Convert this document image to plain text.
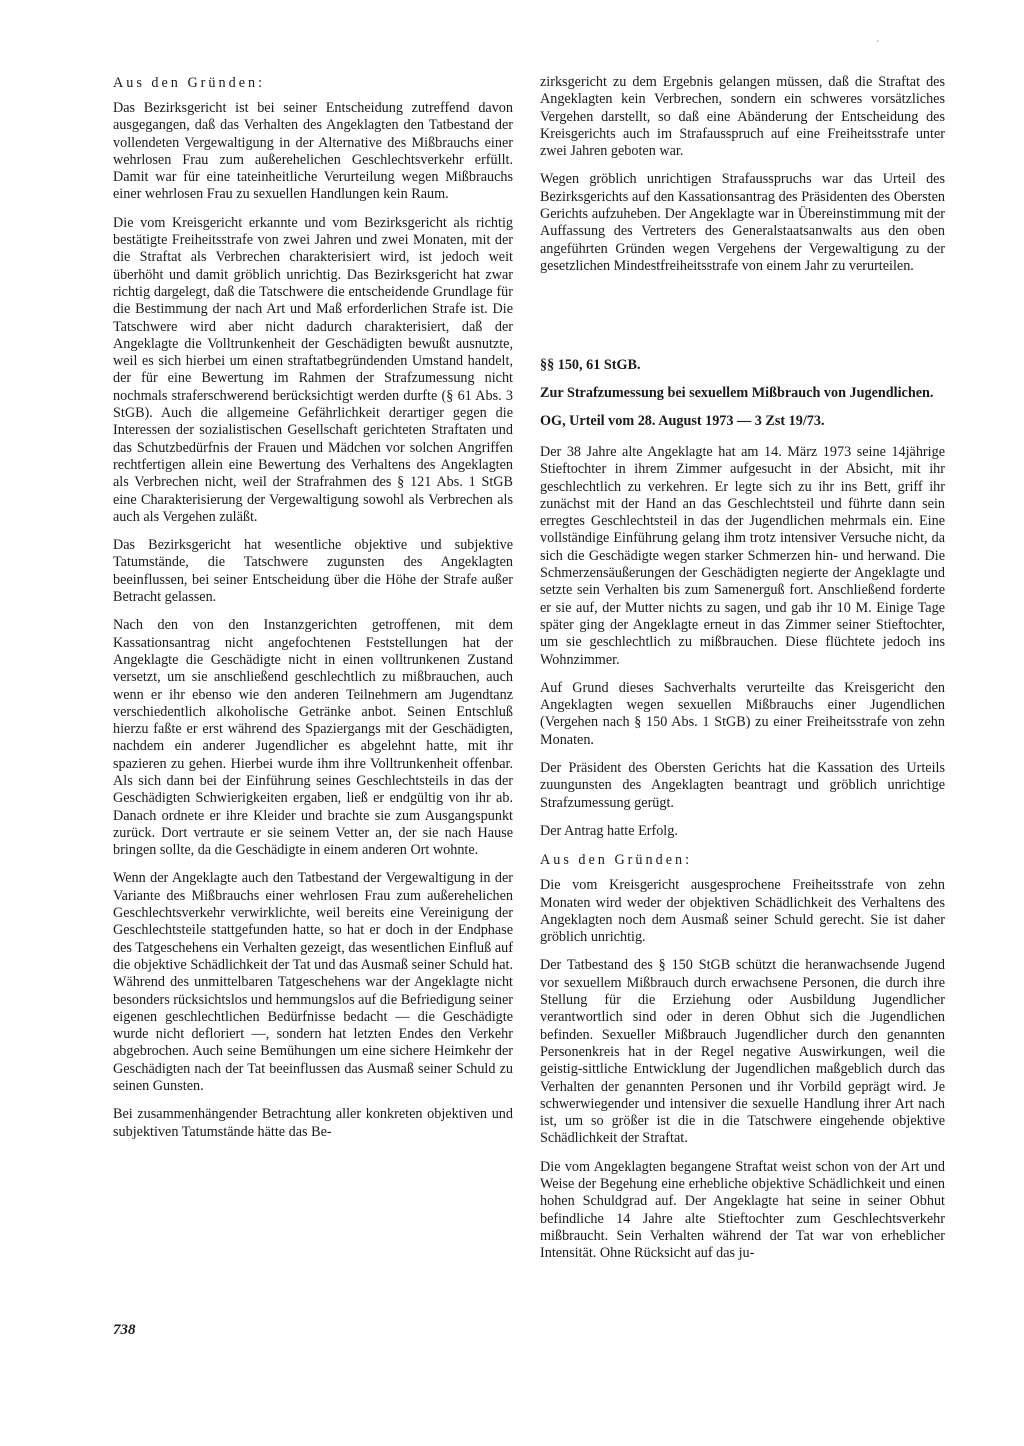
´
Aus den Gründen:

Das Bezirksgericht ist bei seiner Entscheidung zutreffend davon ausgegangen, daß das Verhalten des Angeklagten den Tatbestand der vollendeten Vergewaltigung in der Alternative des Mißbrauchs einer wehrlosen Frau zum außerehelichen Geschlechtsverkehr erfüllt. Damit war für eine tateinheitliche Verurteilung wegen Mißbrauchs einer wehrlosen Frau zu sexuellen Handlungen kein Raum.

Die vom Kreisgericht erkannte und vom Bezirksgericht als richtig bestätigte Freiheitsstrafe von zwei Jahren und zwei Monaten, mit der die Straftat als Verbrechen charakterisiert wird, ist jedoch weit überhöht und damit gröblich unrichtig. Das Bezirksgericht hat zwar richtig dargelegt, daß die Tatschwere die entscheidende Grundlage für die Bestimmung der nach Art und Maß erforderlichen Strafe ist. Die Tatschwere wird aber nicht dadurch charakterisiert, daß der Angeklagte die Volltrunkenheit der Geschädigten bewußt ausnutzte, weil es sich hierbei um einen straftatbegründenden Umstand handelt, der für eine Bewertung im Rahmen der Strafzumessung nicht nochmals straferschwerend berücksichtigt werden durfte (§ 61 Abs. 3 StGB). Auch die allgemeine Gefährlichkeit derartiger gegen die Interessen der sozialistischen Gesellschaft gerichteten Straftaten und das Schutzbedürfnis der Frauen und Mädchen vor solchen Angriffen rechtfertigen allein eine Bewertung des Verhaltens des Angeklagten als Verbrechen nicht, weil der Strafrahmen des § 121 Abs. 1 StGB eine Charakterisierung der Vergewaltigung sowohl als Verbrechen als auch als Vergehen zuläßt.

Das Bezirksgericht hat wesentliche objektive und subjektive Tatumstände, die Tatschwere zugunsten des Angeklagten beeinflussen, bei seiner Entscheidung über die Höhe der Strafe außer Betracht gelassen.

Nach den von den Instanzgerichten getroffenen, mit dem Kassationsantrag nicht angefochtenen Feststellungen hat der Angeklagte die Geschädigte nicht in einen volltrunkenen Zustand versetzt, um sie anschließend geschlechtlich zu mißbrauchen, auch wenn er ihr ebenso wie den anderen Teilnehmern am Jugendtanz verschiedentlich alkoholische Getränke anbot. Seinen Entschluß hierzu faßte er erst während des Spaziergangs mit der Geschädigten, nachdem ein anderer Jugendlicher es abgelehnt hatte, mit ihr spazieren zu gehen. Hierbei wurde ihm ihre Volltrunkenheit offenbar. Als sich dann bei der Einführung seines Geschlechtsteils in das der Geschädigten Schwierigkeiten ergaben, ließ er endgültig von ihr ab. Danach ordnete er ihre Kleider und brachte sie zum Ausgangspunkt zurück. Dort vertraute er sie seinem Vetter an, der sie nach Hause bringen sollte, da die Geschädigte in einem anderen Ort wohnte.

Wenn der Angeklagte auch den Tatbestand der Vergewaltigung in der Variante des Mißbrauchs einer wehrlosen Frau zum außerehelichen Geschlechtsverkehr verwirklichte, weil bereits eine Vereinigung der Geschlechtsteile stattgefunden hatte, so hat er doch in der Endphase des Tatgeschehens ein Verhalten gezeigt, das wesentlichen Einfluß auf die objektive Schädlichkeit der Tat und das Ausmaß seiner Schuld hat. Während des unmittelbaren Tatgeschehens war der Angeklagte nicht besonders rücksichtslos und hemmungslos auf die Befriedigung seiner eigenen geschlechtlichen Bedürfnisse bedacht — die Geschädigte wurde nicht defloriert —, sondern hat letzten Endes den Verkehr abgebrochen. Auch seine Bemühungen um eine sichere Heimkehr der Geschädigten nach der Tat beeinflussen das Ausmaß seiner Schuld zu seinen Gunsten.

Bei zusammenhängender Betrachtung aller konkreten objektiven und subjektiven Tatumstände hätte das Be-

zirksgericht zu dem Ergebnis gelangen müssen, daß die Straftat des Angeklagten kein Verbrechen, sondern ein schweres vorsätzliches Vergehen darstellt, so daß eine Abänderung der Entscheidung des Kreisgerichts auch im Strafausspruch auf eine Freiheitsstrafe unter zwei Jahren geboten war.

Wegen gröblich unrichtigen Strafausspruchs war das Urteil des Bezirksgerichts auf den Kassationsantrag des Präsidenten des Obersten Gerichts aufzuheben. Der Angeklagte war in Übereinstimmung mit der Auffassung des Vertreters des Generalstaatsanwalts aus den oben angeführten Gründen wegen Vergehens der Vergewaltigung zu der gesetzlichen Mindestfreiheitsstrafe von einem Jahr zu verurteilen.

§§ 150, 61 StGB.
Zur Strafzumessung bei sexuellem Mißbrauch von Jugendlichen.
OG, Urteil vom 28. August 1973 — 3 Zst 19/73.

Der 38 Jahre alte Angeklagte hat am 14. März 1973 seine 14jährige Stieftochter in ihrem Zimmer aufgesucht in der Absicht, mit ihr geschlechtlich zu verkehren. Er legte sich zu ihr ins Bett, griff ihr zunächst mit der Hand an das Geschlechtsteil und führte dann sein erregtes Geschlechtsteil in das der Jugendlichen mehrmals ein. Eine vollständige Einführung gelang ihm trotz intensiver Versuche nicht, da sich die Geschädigte wegen starker Schmerzen hin- und herwand. Die Schmerzensäußerungen der Geschädigten negierte der Angeklagte und setzte sein Verhalten bis zum Samenerguß fort. Anschließend forderte er sie auf, der Mutter nichts zu sagen, und gab ihr 10 M. Einige Tage später ging der Angeklagte erneut in das Zimmer seiner Stieftochter, um sie geschlechtlich zu mißbrauchen. Diese flüchtete jedoch ins Wohnzimmer.

Auf Grund dieses Sachverhalts verurteilte das Kreisgericht den Angeklagten wegen sexuellen Mißbrauchs einer Jugendlichen (Vergehen nach § 150 Abs. 1 StGB) zu einer Freiheitsstrafe von zehn Monaten.

Der Präsident des Obersten Gerichts hat die Kassation des Urteils zuungunsten des Angeklagten beantragt und gröblich unrichtige Strafzumessung gerügt.

Der Antrag hatte Erfolg.

Aus den Gründen:

Die vom Kreisgericht ausgesprochene Freiheitsstrafe von zehn Monaten wird weder der objektiven Schädlichkeit des Verhaltens des Angeklagten noch dem Ausmaß seiner Schuld gerecht. Sie ist daher gröblich unrichtig.

Der Tatbestand des § 150 StGB schützt die heranwachsende Jugend vor sexuellem Mißbrauch durch erwachsene Personen, die durch ihre Stellung für die Erziehung oder Ausbildung Jugendlicher verantwortlich sind oder in deren Obhut sich die Jugendlichen befinden. Sexueller Mißbrauch Jugendlicher durch den genannten Personenkreis hat in der Regel negative Auswirkungen, weil die geistig-sittliche Entwicklung der Jugendlichen maßgeblich durch das Verhalten der genannten Personen und ihr Vorbild geprägt wird. Je schwerwiegender und intensiver die sexuelle Handlung ihrer Art nach ist, um so größer ist die in die Tatschwere eingehende objektive Schädlichkeit der Straftat.

Die vom Angeklagten begangene Straftat weist schon von der Art und Weise der Begehung eine erhebliche objektive Schädlichkeit und einen hohen Schuldgrad auf. Der Angeklagte hat seine in seiner Obhut befindliche 14 Jahre alte Stieftochter zum Geschlechtsverkehr mißbraucht. Sein Verhalten während der Tat war von erheblicher Intensität. Ohne Rücksicht auf das ju-

738
